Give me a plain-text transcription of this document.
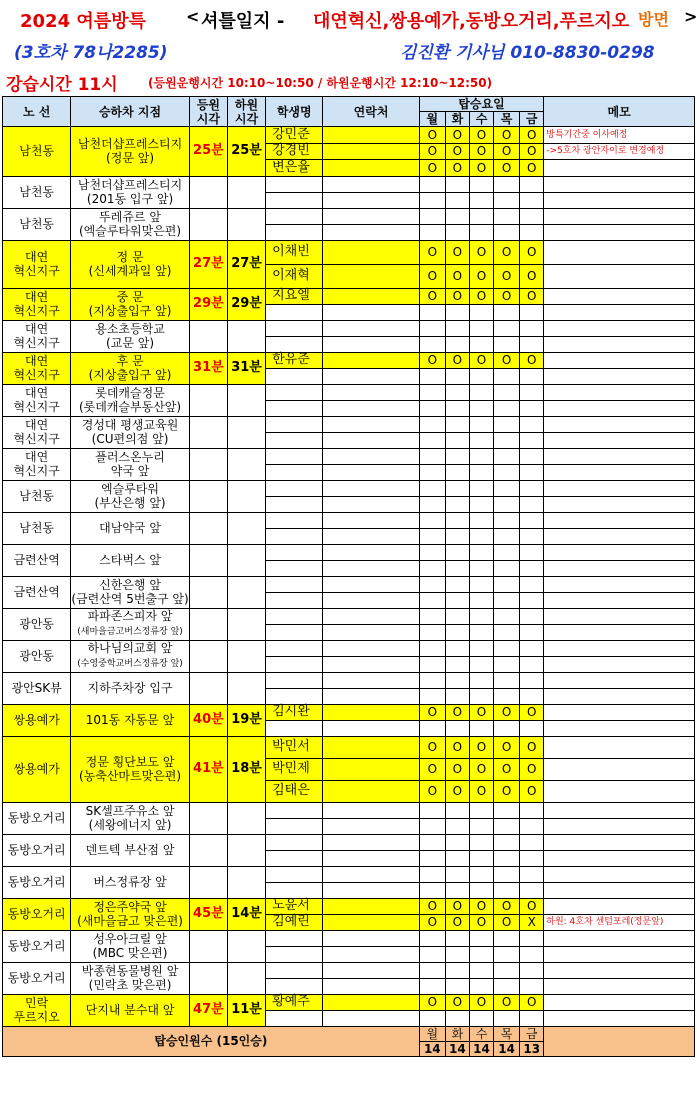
2024 여름방특	< 셔틀일지 - 대연혁신,쌍용예가,동방오거리,푸르지오 방면 >
(3호차 78나2285)	김진환 기사님 010-8830-0298
강습시간 11시	(등원운행시간 10:10~10:50 / 하원운행시간 12:10~12:50)
노 선	승하차 지점	등원
시각	하원
시각	학생명	연락처	탑승요일					메모
						월	화	수	목	금	
남천동	남천더샵프레스티지
(정문 앞)	25분	25분	강민준		O	O	O	O	O	방특기간중 이사예정
				강경빈		O	O	O	O	O	->5호차 광안자이로 변경예정
				변은율		O	O	O	O	O	
남천동	남천더샵프레스티지
(201동 입구 앞)										

남천동	뚜레쥬르 앞
(엑슬루타워맞은편)										

대연
혁신지구	정 문
(신세계과일 앞)	27분	27분	이채빈		O	O	O	O	O	
				이재혁		O	O	O	O	O	
대연
혁신지구	중 문
(지상출입구 앞)	29분	29분	지요엘		O	O	O	O	O	

대연
혁신지구	용소초등학교
(교문 앞)										

대연
혁신지구	후 문
(지상출입구 앞)	31분	31분	한유준		O	O	O	O	O	

대연
혁신지구	롯데캐슬정문
(롯데캐슬부동산앞)										

대연
혁신지구	경성대 평생교육원
(CU편의점 앞)										

대연
혁신지구	플러스온누리
약국 앞										

남천동	엑슬루타워
(부산은행 앞)										

남천동	대남약국 앞										

금련산역	스타벅스 앞										

금련산역	신한은행 앞
(금련산역 5번출구 앞)										

광안동	파파존스피자 앞
(새마을금고버스정류장 앞)										

광안동	하나님의교회 앞
(수영중학교버스정류장 앞)										

광안SK뷰	지하주차장 입구										

쌍용예가	101동 자동문 앞	40분	19분	김시완		O	O	O	O	O	

쌍용예가	정문 횡단보도 앞
(농축산마트맞은편)	41분	18분	박민서		O	O	O	O	O	
				박민제		O	O	O	O	O	
				김태은		O	O	O	O	O	
동방오거리	SK셀프주유소 앞
(세왕에너지 앞)										

동방오거리	덴트텍 부산점 앞										

동방오거리	버스정류장 앞										

동방오거리	정은주약국 앞
(새마을금고 맞은편)	45분	14분	노윤서		O	O	O	O	O	
				김예린		O	O	O	O	X	하원: 4호차 센텀포레(정문앞)
동방오거리	성우아크릴 앞
(MBC 맞은편)										

동방오거리	박종현동물병원 앞
(민락초 맞은편)										

민락
푸르지오	단지내 분수대 앞	47분	11분	황예주		O	O	O	O	O	

탑승인원수 (15인승)						월	화	수	목	금	
						14	14	14	14	13	
